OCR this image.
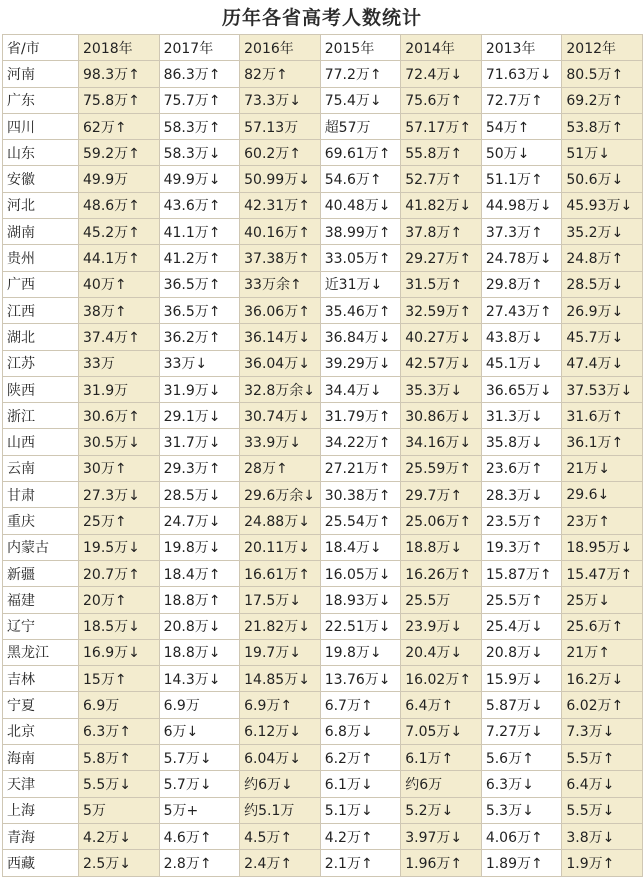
历年各省高考人数统计
省/市	2018年	2017年	2016年	2015年	2014年	2013年	2012年
河南	98.3万↑	86.3万↑	82万↑	77.2万↑	72.4万↓	71.63万↓	80.5万↑
广东	75.8万↑	75.7万↑	73.3万↓	75.4万↓	75.6万↑	72.7万↑	69.2万↑
四川	62万↑	58.3万↑	57.13万	超57万	57.17万↑	54万↑	53.8万↑
山东	59.2万↑	58.3万↓	60.2万↑	69.61万↑	55.8万↑	50万↓	51万↓
安徽	49.9万	49.9万↓	50.99万↓	54.6万↑	52.7万↑	51.1万↑	50.6万↓
河北	48.6万↑	43.6万↑	42.31万↑	40.48万↓	41.82万↓	44.98万↓	45.93万↓
湖南	45.2万↑	41.1万↑	40.16万↑	38.99万↑	37.8万↑	37.3万↑	35.2万↓
贵州	44.1万↑	41.2万↑	37.38万↑	33.05万↑	29.27万↑	24.78万↓	24.8万↑
广西	40万↑	36.5万↑	33万余↑	近31万↓	31.5万↑	29.8万↑	28.5万↓
江西	38万↑	36.5万↑	36.06万↑	35.46万↑	32.59万↑	27.43万↑	26.9万↓
湖北	37.4万↑	36.2万↑	36.14万↓	36.84万↓	40.27万↓	43.8万↓	45.7万↓
江苏	33万	33万↓	36.04万↓	39.29万↓	42.57万↓	45.1万↓	47.4万↓
陕西	31.9万	31.9万↓	32.8万余↓	34.4万↓	35.3万↓	36.65万↓	37.53万↓
浙江	30.6万↑	29.1万↓	30.74万↓	31.79万↑	30.86万↓	31.3万↓	31.6万↑
山西	30.5万↓	31.7万↓	33.9万↓	34.22万↑	34.16万↓	35.8万↓	36.1万↑
云南	30万↑	29.3万↑	28万↑	27.21万↑	25.59万↑	23.6万↑	21万↓
甘肃	27.3万↓	28.5万↓	29.6万余↓	30.38万↑	29.7万↑	28.3万↓	29.6↓
重庆	25万↑	24.7万↓	24.88万↓	25.54万↑	25.06万↑	23.5万↑	23万↑
内蒙古	19.5万↓	19.8万↓	20.11万↓	18.4万↓	18.8万↓	19.3万↑	18.95万↓
新疆	20.7万↑	18.4万↑	16.61万↑	16.05万↓	16.26万↑	15.87万↑	15.47万↑
福建	20万↑	18.8万↑	17.5万↓	18.93万↓	25.5万	25.5万↑	25万↓
辽宁	18.5万↓	20.8万↓	21.82万↓	22.51万↓	23.9万↓	25.4万↓	25.6万↑
黑龙江	16.9万↓	18.8万↓	19.7万↓	19.8万↓	20.4万↓	20.8万↓	21万↑
吉林	15万↑	14.3万↓	14.85万↓	13.76万↓	16.02万↑	15.9万↓	16.2万↓
宁夏	6.9万	6.9万	6.9万↑	6.7万↑	6.4万↑	5.87万↓	6.02万↑
北京	6.3万↑	6万↓	6.12万↓	6.8万↓	7.05万↓	7.27万↓	7.3万↓
海南	5.8万↑	5.7万↓	6.04万↓	6.2万↑	6.1万↑	5.6万↑	5.5万↑
天津	5.5万↓	5.7万↓	约6万↓	6.1万↓	约6万	6.3万↓	6.4万↓
上海	5万	5万+	约5.1万	5.1万↓	5.2万↓	5.3万↓	5.5万↓
青海	4.2万↓	4.6万↑	4.5万↑	4.2万↑	3.97万↓	4.06万↑	3.8万↓
西藏	2.5万↓	2.8万↑	2.4万↑	2.1万↑	1.96万↑	1.89万↑	1.9万↑
